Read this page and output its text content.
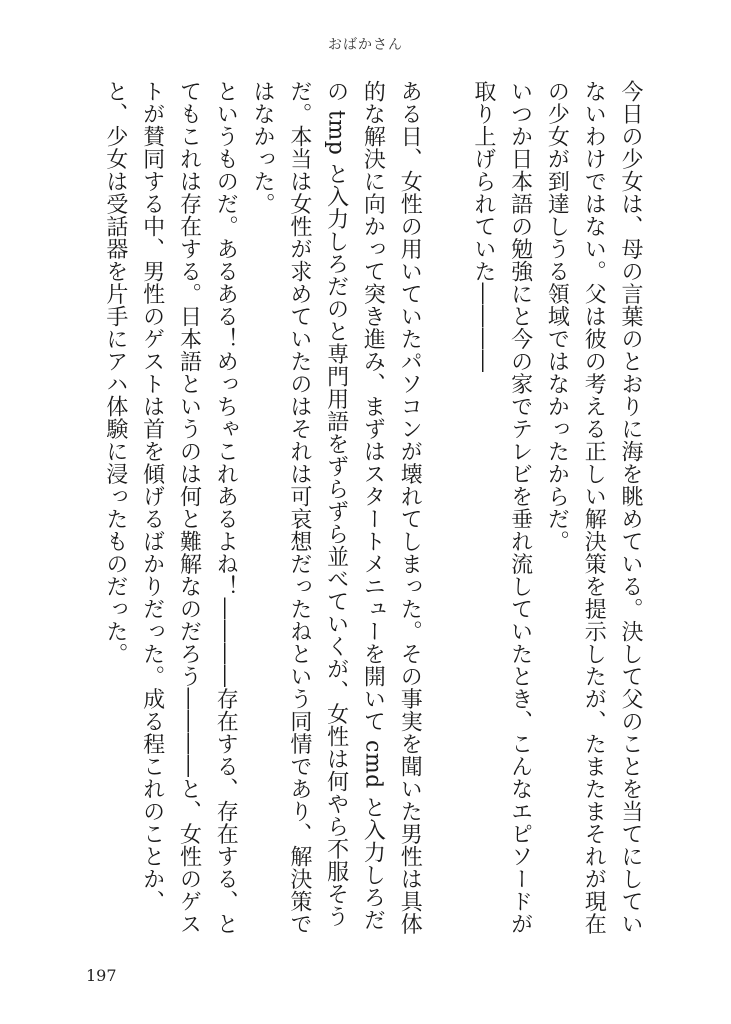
おばかさん

今日の少女は、母の言葉のとおりに海を眺めている。決して父のことを当てにしていないわけではない。父は彼の考える正しい解決策を提示したが、たまたまそれが現在の少女が到達しうる領域ではなかったからだ。

いつか日本語の勉強にと今の家でテレビを垂れ流していたとき、こんなエピソードが取り上げられていた――――

ある日、女性の用いていたパソコンが壊れてしまった。その事実を聞いた男性は具体的な解決に向かって突き進み、まずはスタートメニューを開いて cmd と入力しろだの tmp と入力しろだのと専門用語をずらずら並べていくが、女性は何やら不服そうだ。本当は女性が求めていたのはそれは可哀想だったねという同情であり、解決策ではなかった。

というものだ。あるある！めっちゃこれあるよね！――――存在する、存在する、とてもこれは存在する。日本語というのは何と難解なのだろう――――と、女性のゲストが賛同する中、男性のゲストは首を傾げるばかりだった。成る程これのことか、と、少女は受話器を片手にアハ体験に浸ったものだった。

197
